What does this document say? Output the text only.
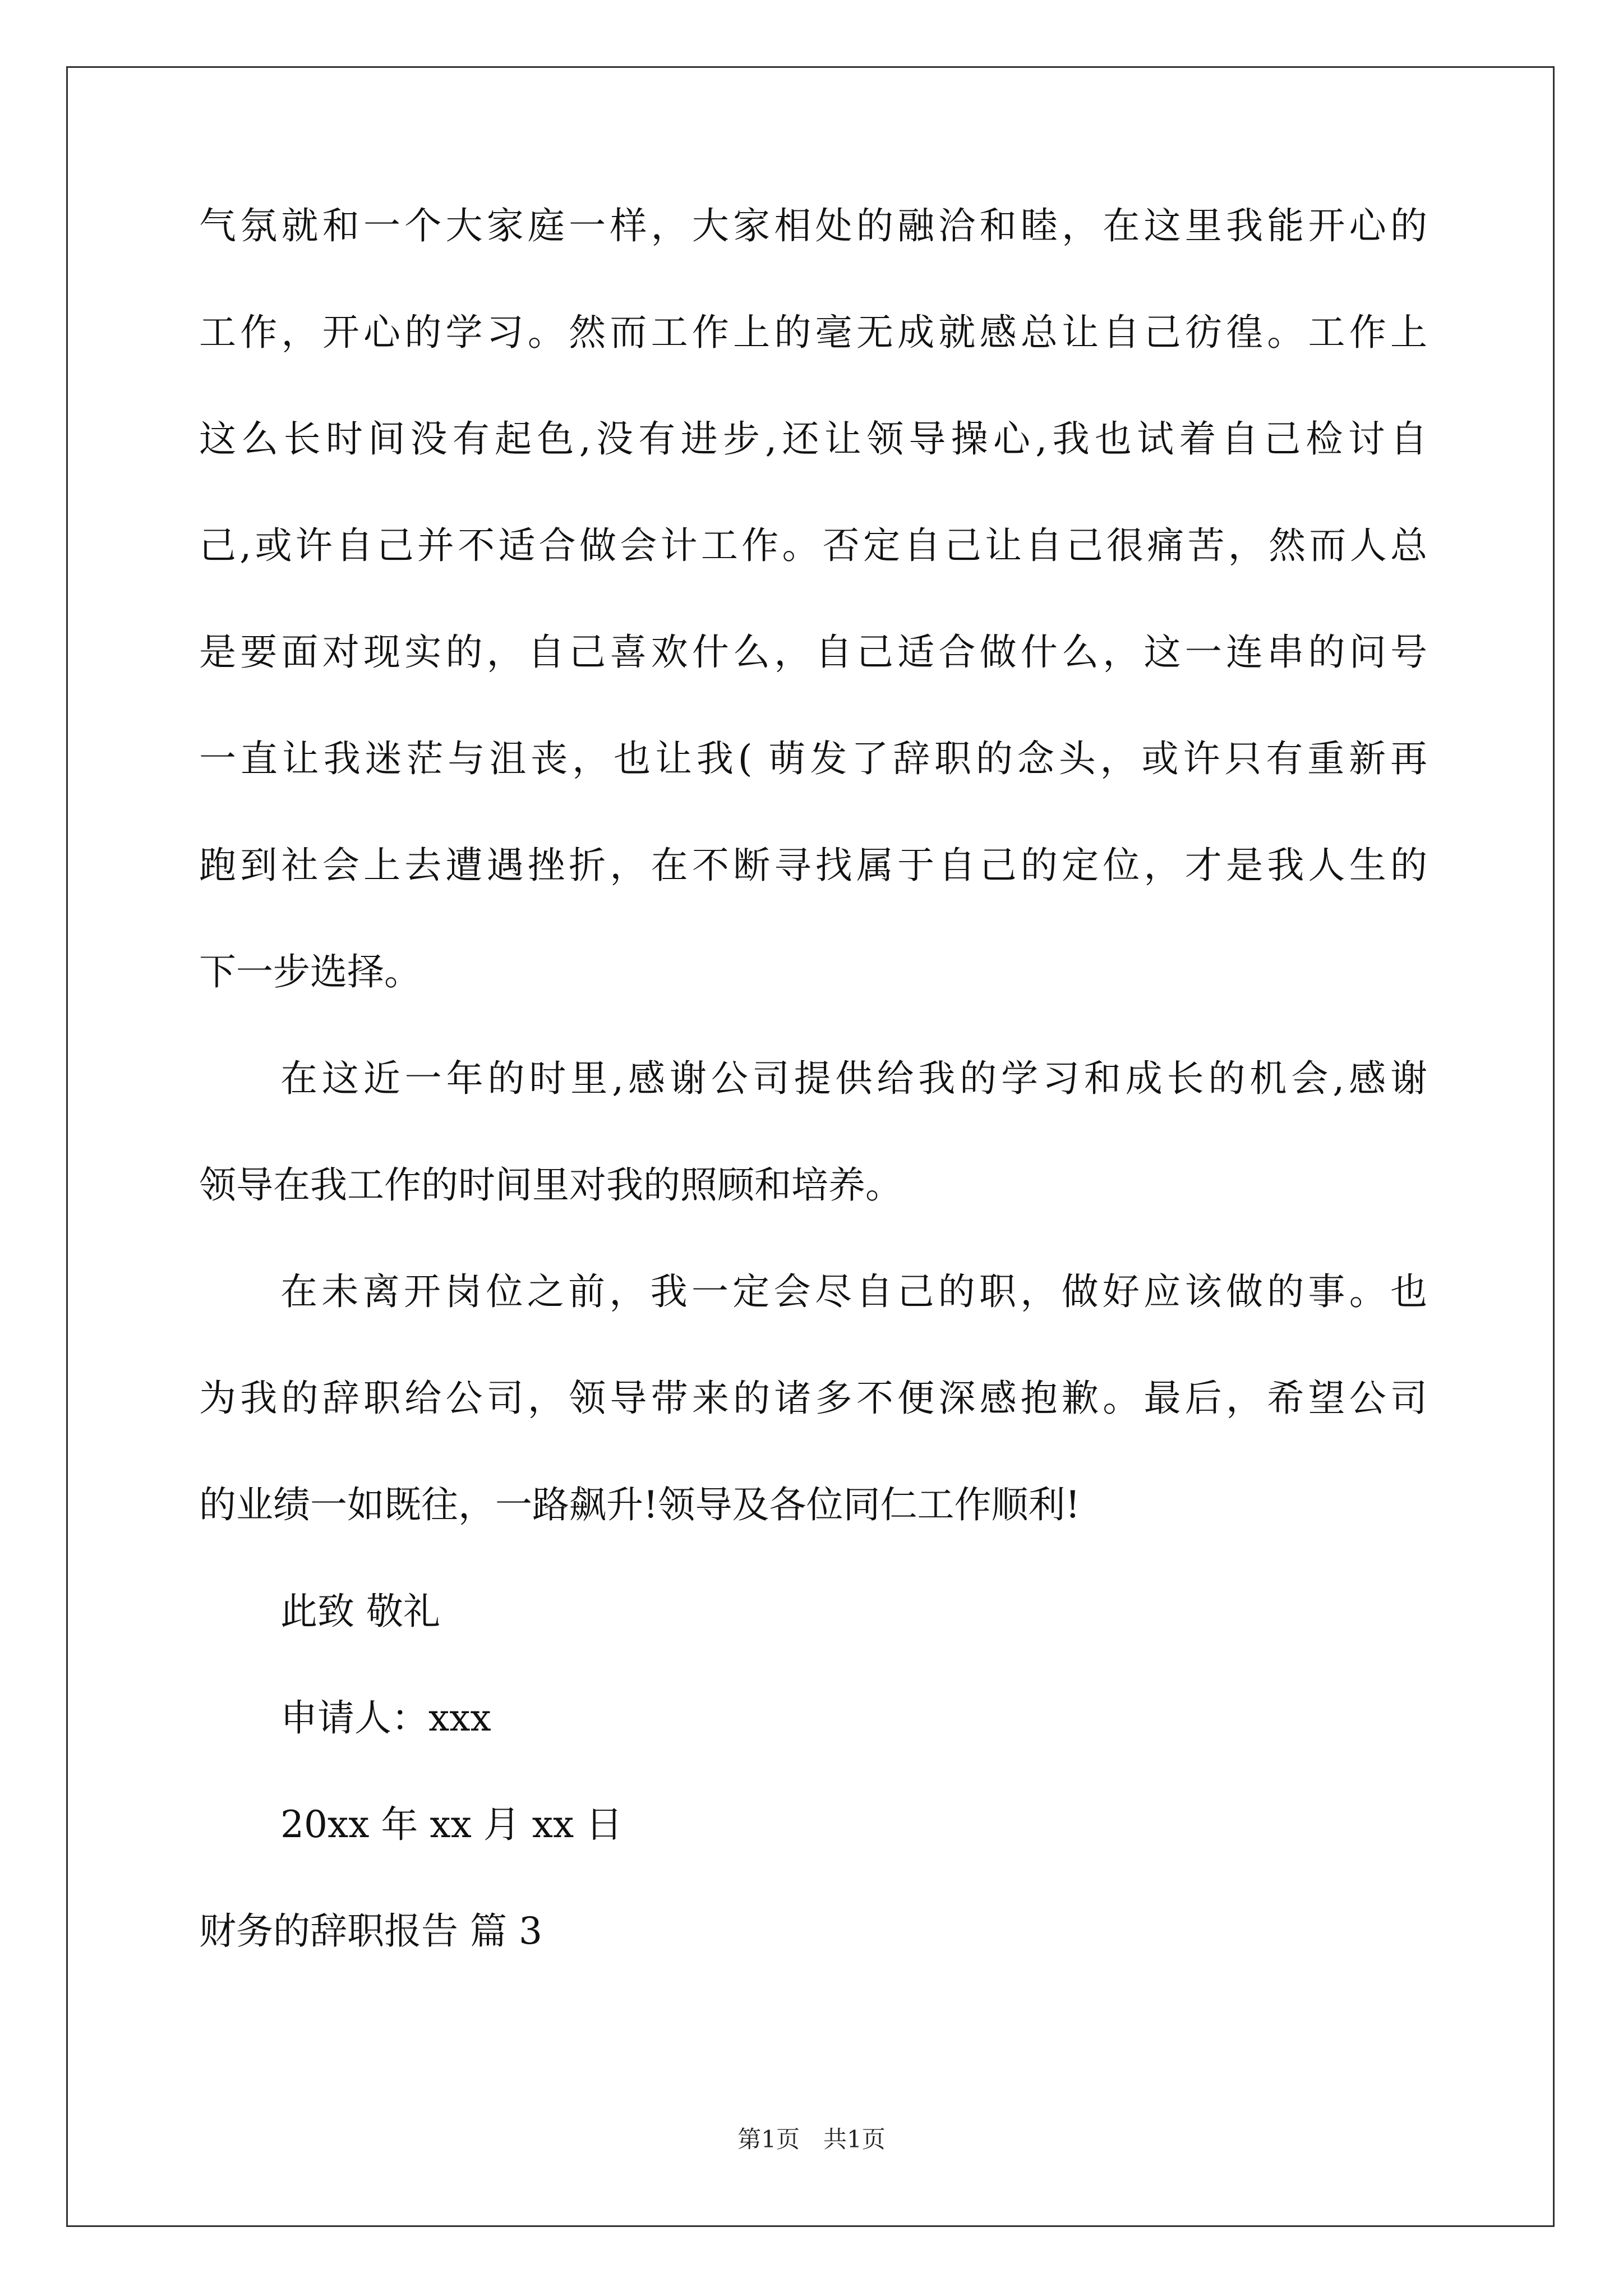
气氛就和一个大家庭一样，大家相处的融洽和睦，在这里我能开心的
工作，开心的学习。然而工作上的毫无成就感总让自己彷徨。工作上
这么长时间没有起色,没有进步,还让领导操心,我也试着自己检讨自
己,或许自己并不适合做会计工作。否定自己让自己很痛苦，然而人总
是要面对现实的，自己喜欢什么，自己适合做什么，这一连串的问号
一直让我迷茫与沮丧，也让我( 萌发了辞职的念头，或许只有重新再
跑到社会上去遭遇挫折，在不断寻找属于自己的定位，才是我人生的
下一步选择。
在这近一年的时里,感谢公司提供给我的学习和成长的机会,感谢
领导在我工作的时间里对我的照顾和培养。
在未离开岗位之前，我一定会尽自己的职，做好应该做的事。也
为我的辞职给公司，领导带来的诸多不便深感抱歉。最后，希望公司
的业绩一如既往，一路飙升!领导及各位同仁工作顺利!
此致 敬礼
申请人：xxx
20xx 年 xx 月 xx 日
财务的辞职报告 篇 3
第1页　共1页
